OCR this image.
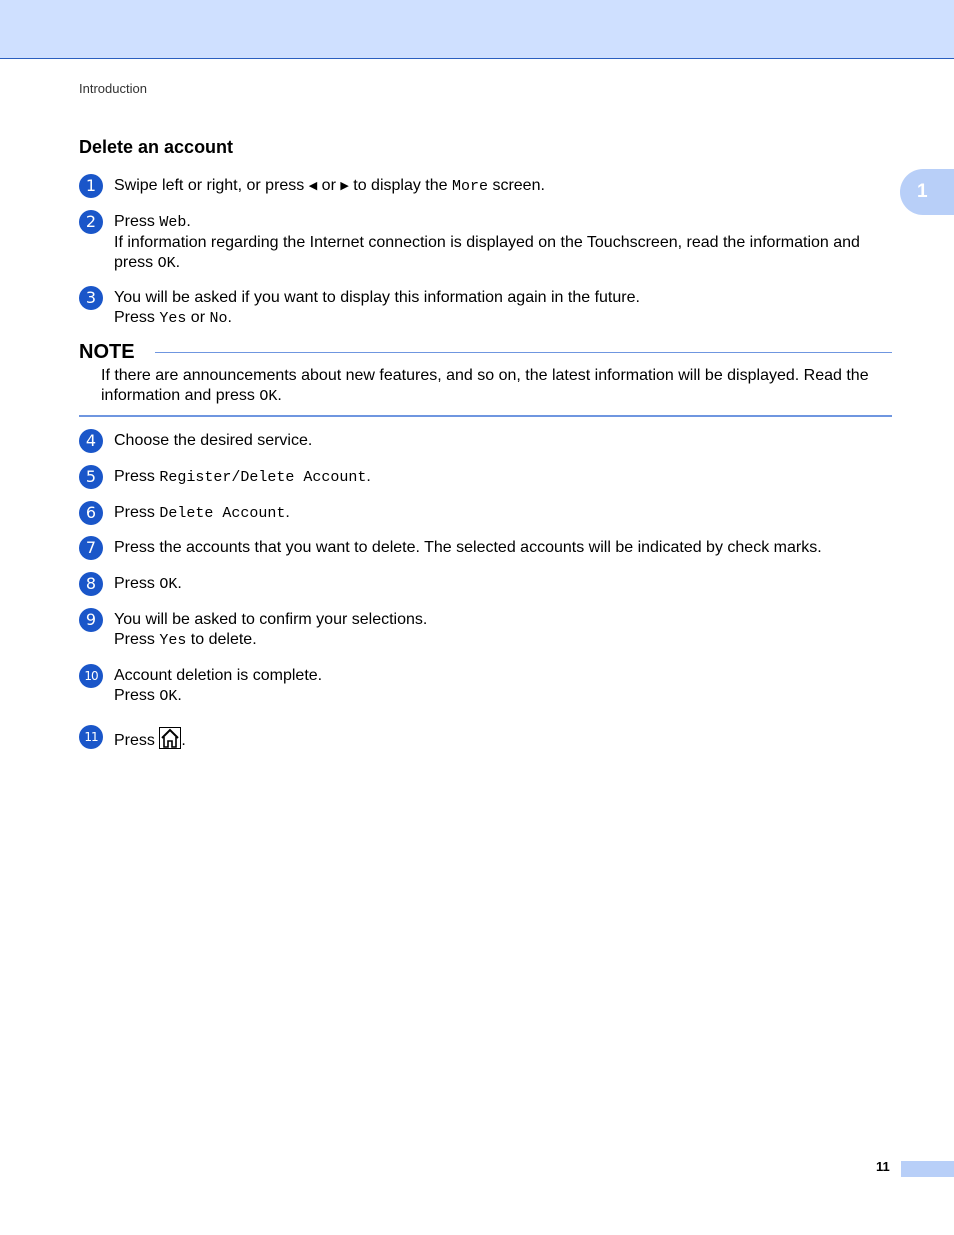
Introduction
1
Delete an account
1	Swipe left or right, or press ◀ or ▶ to display the More screen.
2	Press Web.
If information regarding the Internet connection is displayed on the Touchscreen, read the information and press OK.
3	You will be asked if you want to display this information again in the future.
Press Yes or No.
NOTE
If there are announcements about new features, and so on, the latest information will be displayed. Read the information and press OK.
4	Choose the desired service.
5	Press Register/Delete Account.
6	Press Delete Account.
7	Press the accounts that you want to delete. The selected accounts will be indicated by check marks.
8	Press OK.
9	You will be asked to confirm your selections.
Press Yes to delete.
10	Account deletion is complete.
Press OK.
11	Press .
11
